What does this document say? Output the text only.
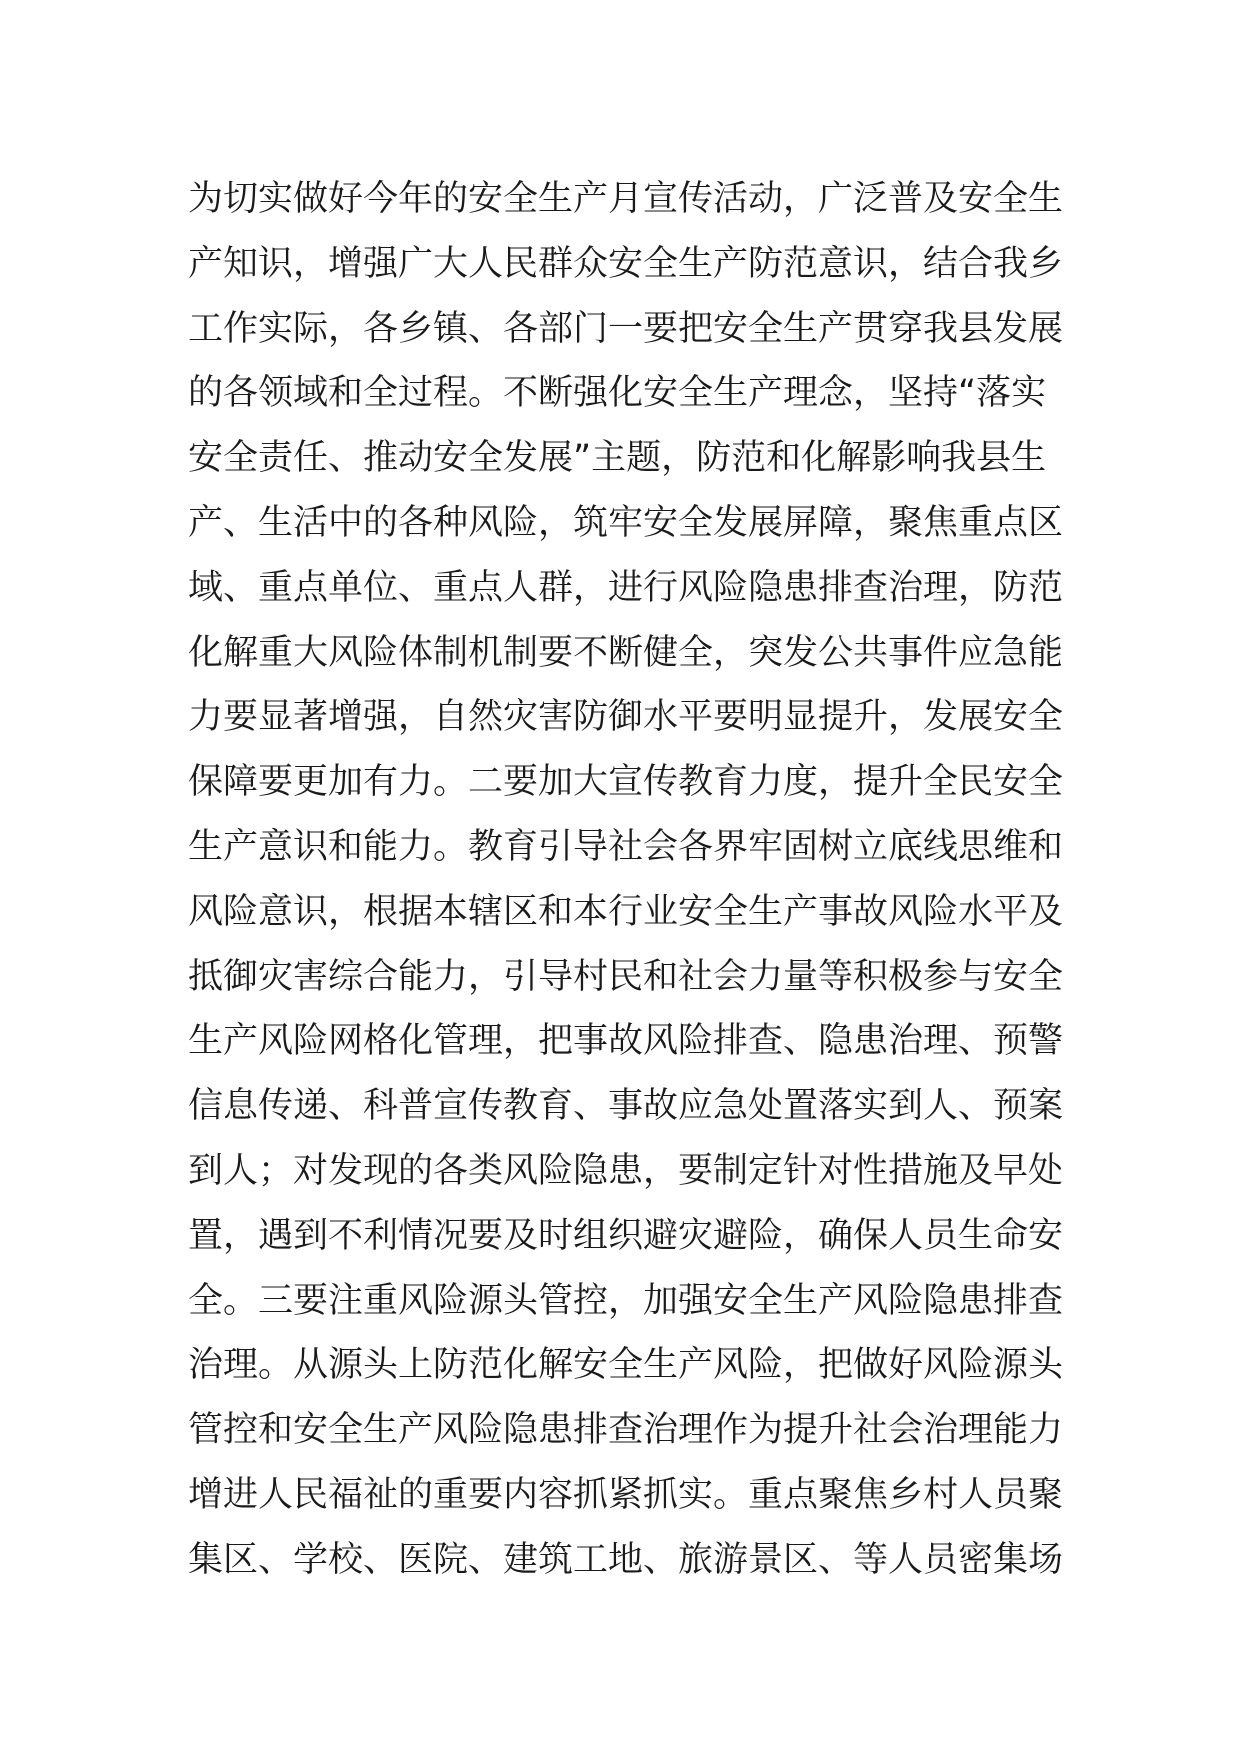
为切实做好今年的安全生产月宣传活动，广泛普及安全生
产知识，增强广大人民群众安全生产防范意识，结合我乡
工作实际，各乡镇、各部门一要把安全生产贯穿我县发展
的各领域和全过程。不断强化安全生产理念，坚持“落实
安全责任、推动安全发展”主题，防范和化解影响我县生
产、生活中的各种风险，筑牢安全发展屏障，聚焦重点区
域、重点单位、重点人群，进行风险隐患排查治理，防范
化解重大风险体制机制要不断健全，突发公共事件应急能
力要显著增强，自然灾害防御水平要明显提升，发展安全
保障要更加有力。二要加大宣传教育力度，提升全民安全
生产意识和能力。教育引导社会各界牢固树立底线思维和
风险意识，根据本辖区和本行业安全生产事故风险水平及
抵御灾害综合能力，引导村民和社会力量等积极参与安全
生产风险网格化管理，把事故风险排查、隐患治理、预警
信息传递、科普宣传教育、事故应急处置落实到人、预案
到人；对发现的各类风险隐患，要制定针对性措施及早处
置，遇到不利情况要及时组织避灾避险，确保人员生命安
全。三要注重风险源头管控，加强安全生产风险隐患排查
治理。从源头上防范化解安全生产风险，把做好风险源头
管控和安全生产风险隐患排查治理作为提升社会治理能力
增进人民福祉的重要内容抓紧抓实。重点聚焦乡村人员聚
集区、学校、医院、建筑工地、旅游景区、等人员密集场
